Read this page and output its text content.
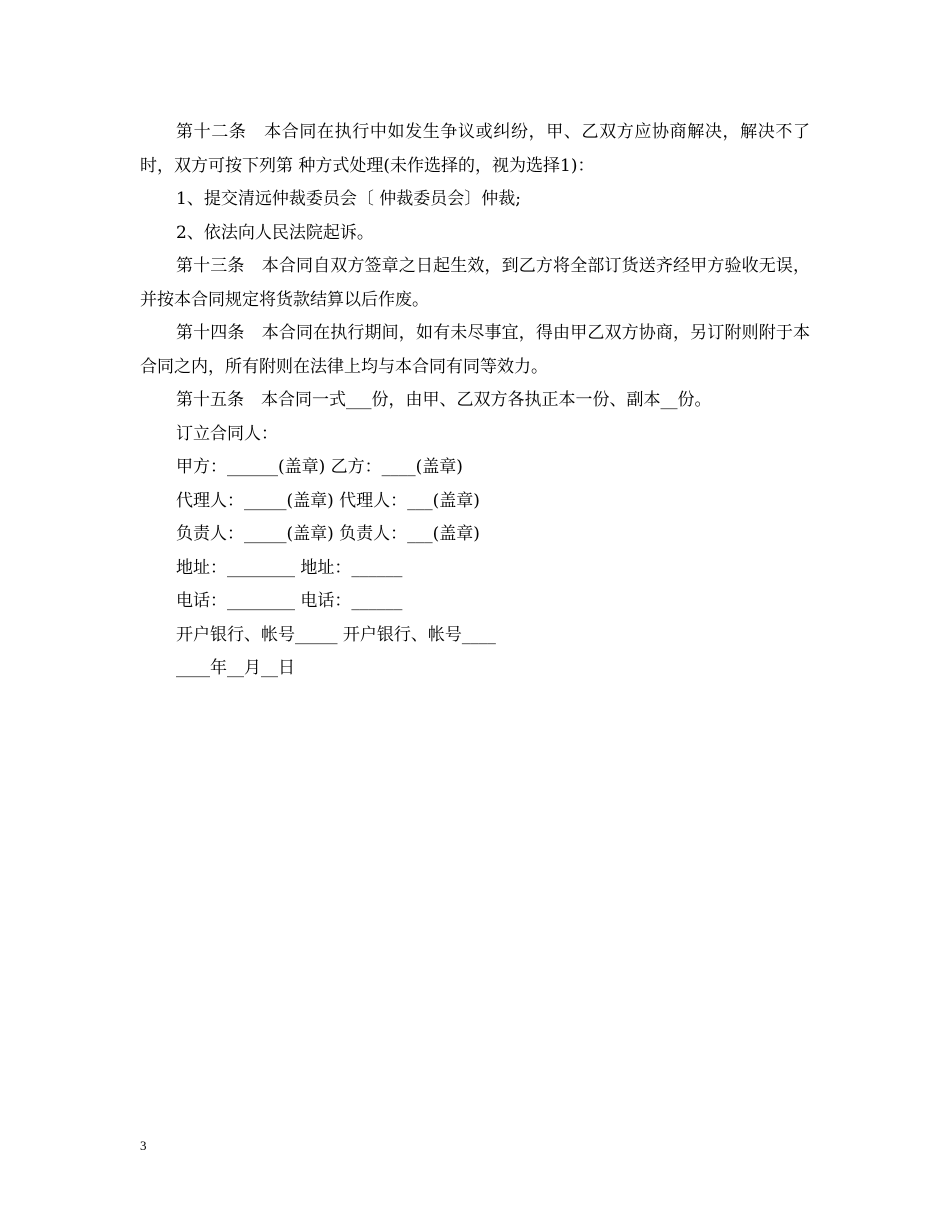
第十二条　本合同在执行中如发生争议或纠纷，甲、乙双方应协商解决，解决不了时，双方可按下列第 种方式处理(未作选择的，视为选择1)：

1、提交清远仲裁委员会〔 仲裁委员会〕仲裁;

2、依法向人民法院起诉。

第十三条　本合同自双方签章之日起生效，到乙方将全部订货送齐经甲方验收无误，并按本合同规定将货款结算以后作废。

第十四条　本合同在执行期间，如有未尽事宜，得由甲乙双方协商，另订附则附于本合同之内，所有附则在法律上均与本合同有同等效力。

第十五条　本合同一式___份，由甲、乙双方各执正本一份、副本__份。

订立合同人：

甲方：______(盖章) 乙方：____(盖章)

代理人：_____(盖章) 代理人：___(盖章)

负责人：_____(盖章) 负责人：___(盖章)

地址：________ 地址：______

电话：________ 电话：______

开户银行、帐号_____ 开户银行、帐号____

____年__月__日

3
